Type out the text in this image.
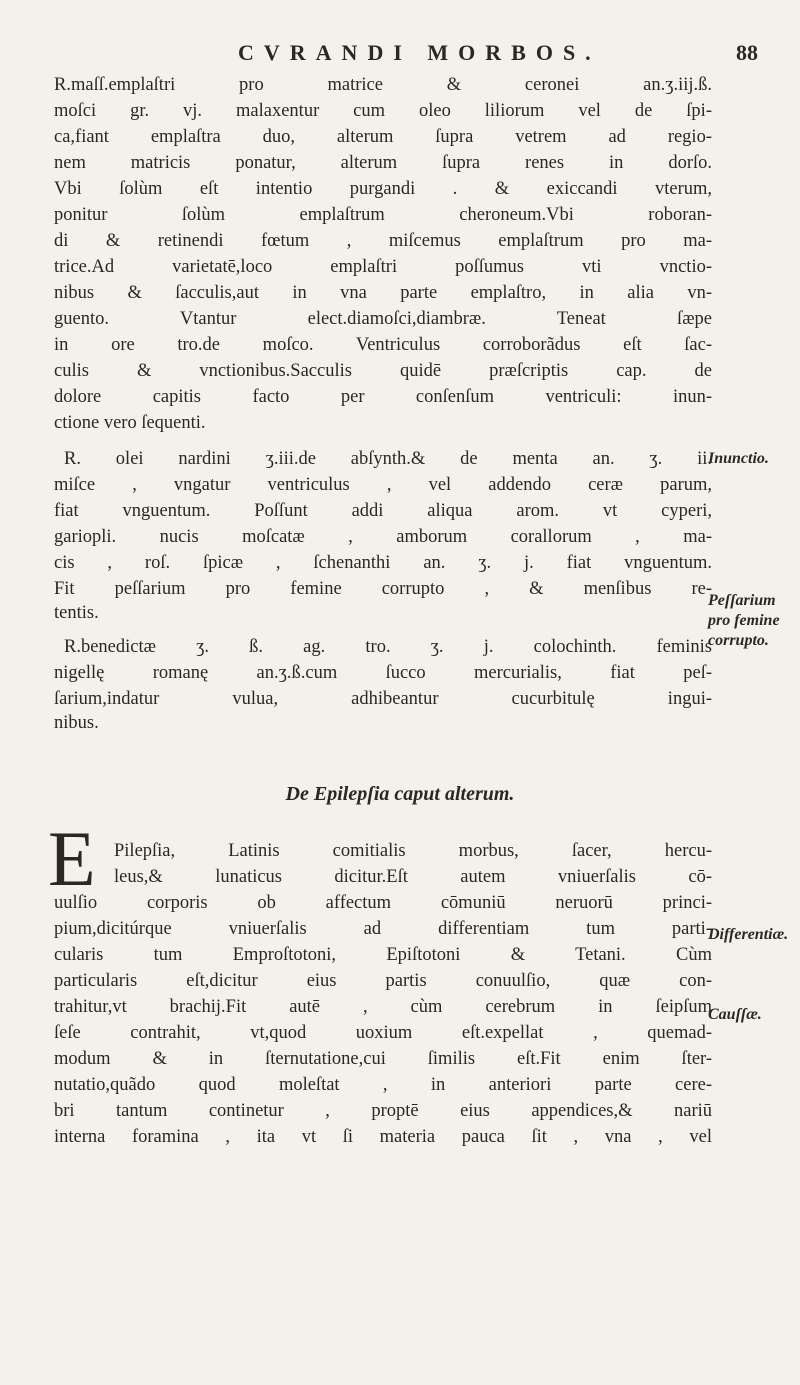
CVRANDI MORBOS.	88
R.maſſ.emplaſtri pro matrice & ceronei an.ʒ.iij.ß.
moſci gr. vj. malaxentur cum oleo liliorum vel de ſpi-
ca,fiant emplaſtra duo, alterum ſupra vetrem ad regio-
nem matricis ponatur, alterum ſupra renes in dorſo.
Vbi ſolùm eſt intentio purgandi . & exiccandi vterum,
ponitur ſolùm emplaſtrum cheroneum.Vbi roboran-
di & retinendi fœtum , miſcemus emplaſtrum pro ma-
trice.Ad varietatē,loco emplaſtri poſſumus vti vnctio-
nibus & ſacculis,aut in vna parte emplaſtro, in alia vn-
guento. Vtantur elect.diamoſci,diambræ. Teneat ſæpe
in ore tro.de moſco. Ventriculus corroborãdus eſt ſac-
culis & vnctionibus.Sacculis quidē præſcriptis cap. de
dolore capitis facto per conſenſum ventriculi: inun-
ctione vero ſequenti.
R. olei nardini ʒ.iii.de abſynth.& de menta an. ʒ. ii.
miſce , vngatur ventriculus , vel addendo ceræ parum,
fiat vnguentum. Poſſunt addi aliqua arom. vt cyperi,
gariopli. nucis moſcatæ , amborum corallorum , ma-
cis , roſ. ſpicæ , ſchenanthi an. ʒ. j. fiat vnguentum.
Fit peſſarium pro femine corrupto , & menſibus re-
tentis.
R.benedictæ ʒ. ß. ag. tro. ʒ. j. colochinth. feminis
nigellę romanę an.ʒ.ß.cum ſucco mercurialis, fiat peſ-
ſarium,indatur vulua, adhibeantur cucurbitulę ingui-
nibus.
De Epilepſia caput alterum.
E Pilepſia, Latinis comitialis morbus, ſacer, hercu-
leus,& lunaticus dicitur.Eſt autem vniuerſalis cō-
uulſio corporis ob affectum cōmuniū neruorū princi-
pium,dicitúrque vniuerſalis ad differentiam tum parti-
cularis tum Emproſtotoni, Epiſtotoni & Tetani. Cùm
particularis eſt,dicitur eius partis conuulſio, quæ con-
trahitur,vt brachij.Fit autē , cùm cerebrum in ſeipſum
ſeſe contrahit, vt,quod uoxium eſt.expellat , quemad-
modum & in ſternutatione,cui ſimilis eſt.Fit enim ſter-
nutatio,quãdo quod moleſtat , in anteriori parte cere-
bri tantum continetur , proptē eius appendices,& nariū
interna foramina , ita vt ſi materia pauca ſit , vna , vel
Inunctio.
Peſſarium
pro femine
corrupto.
Differentiæ.
Cauſſæ.
